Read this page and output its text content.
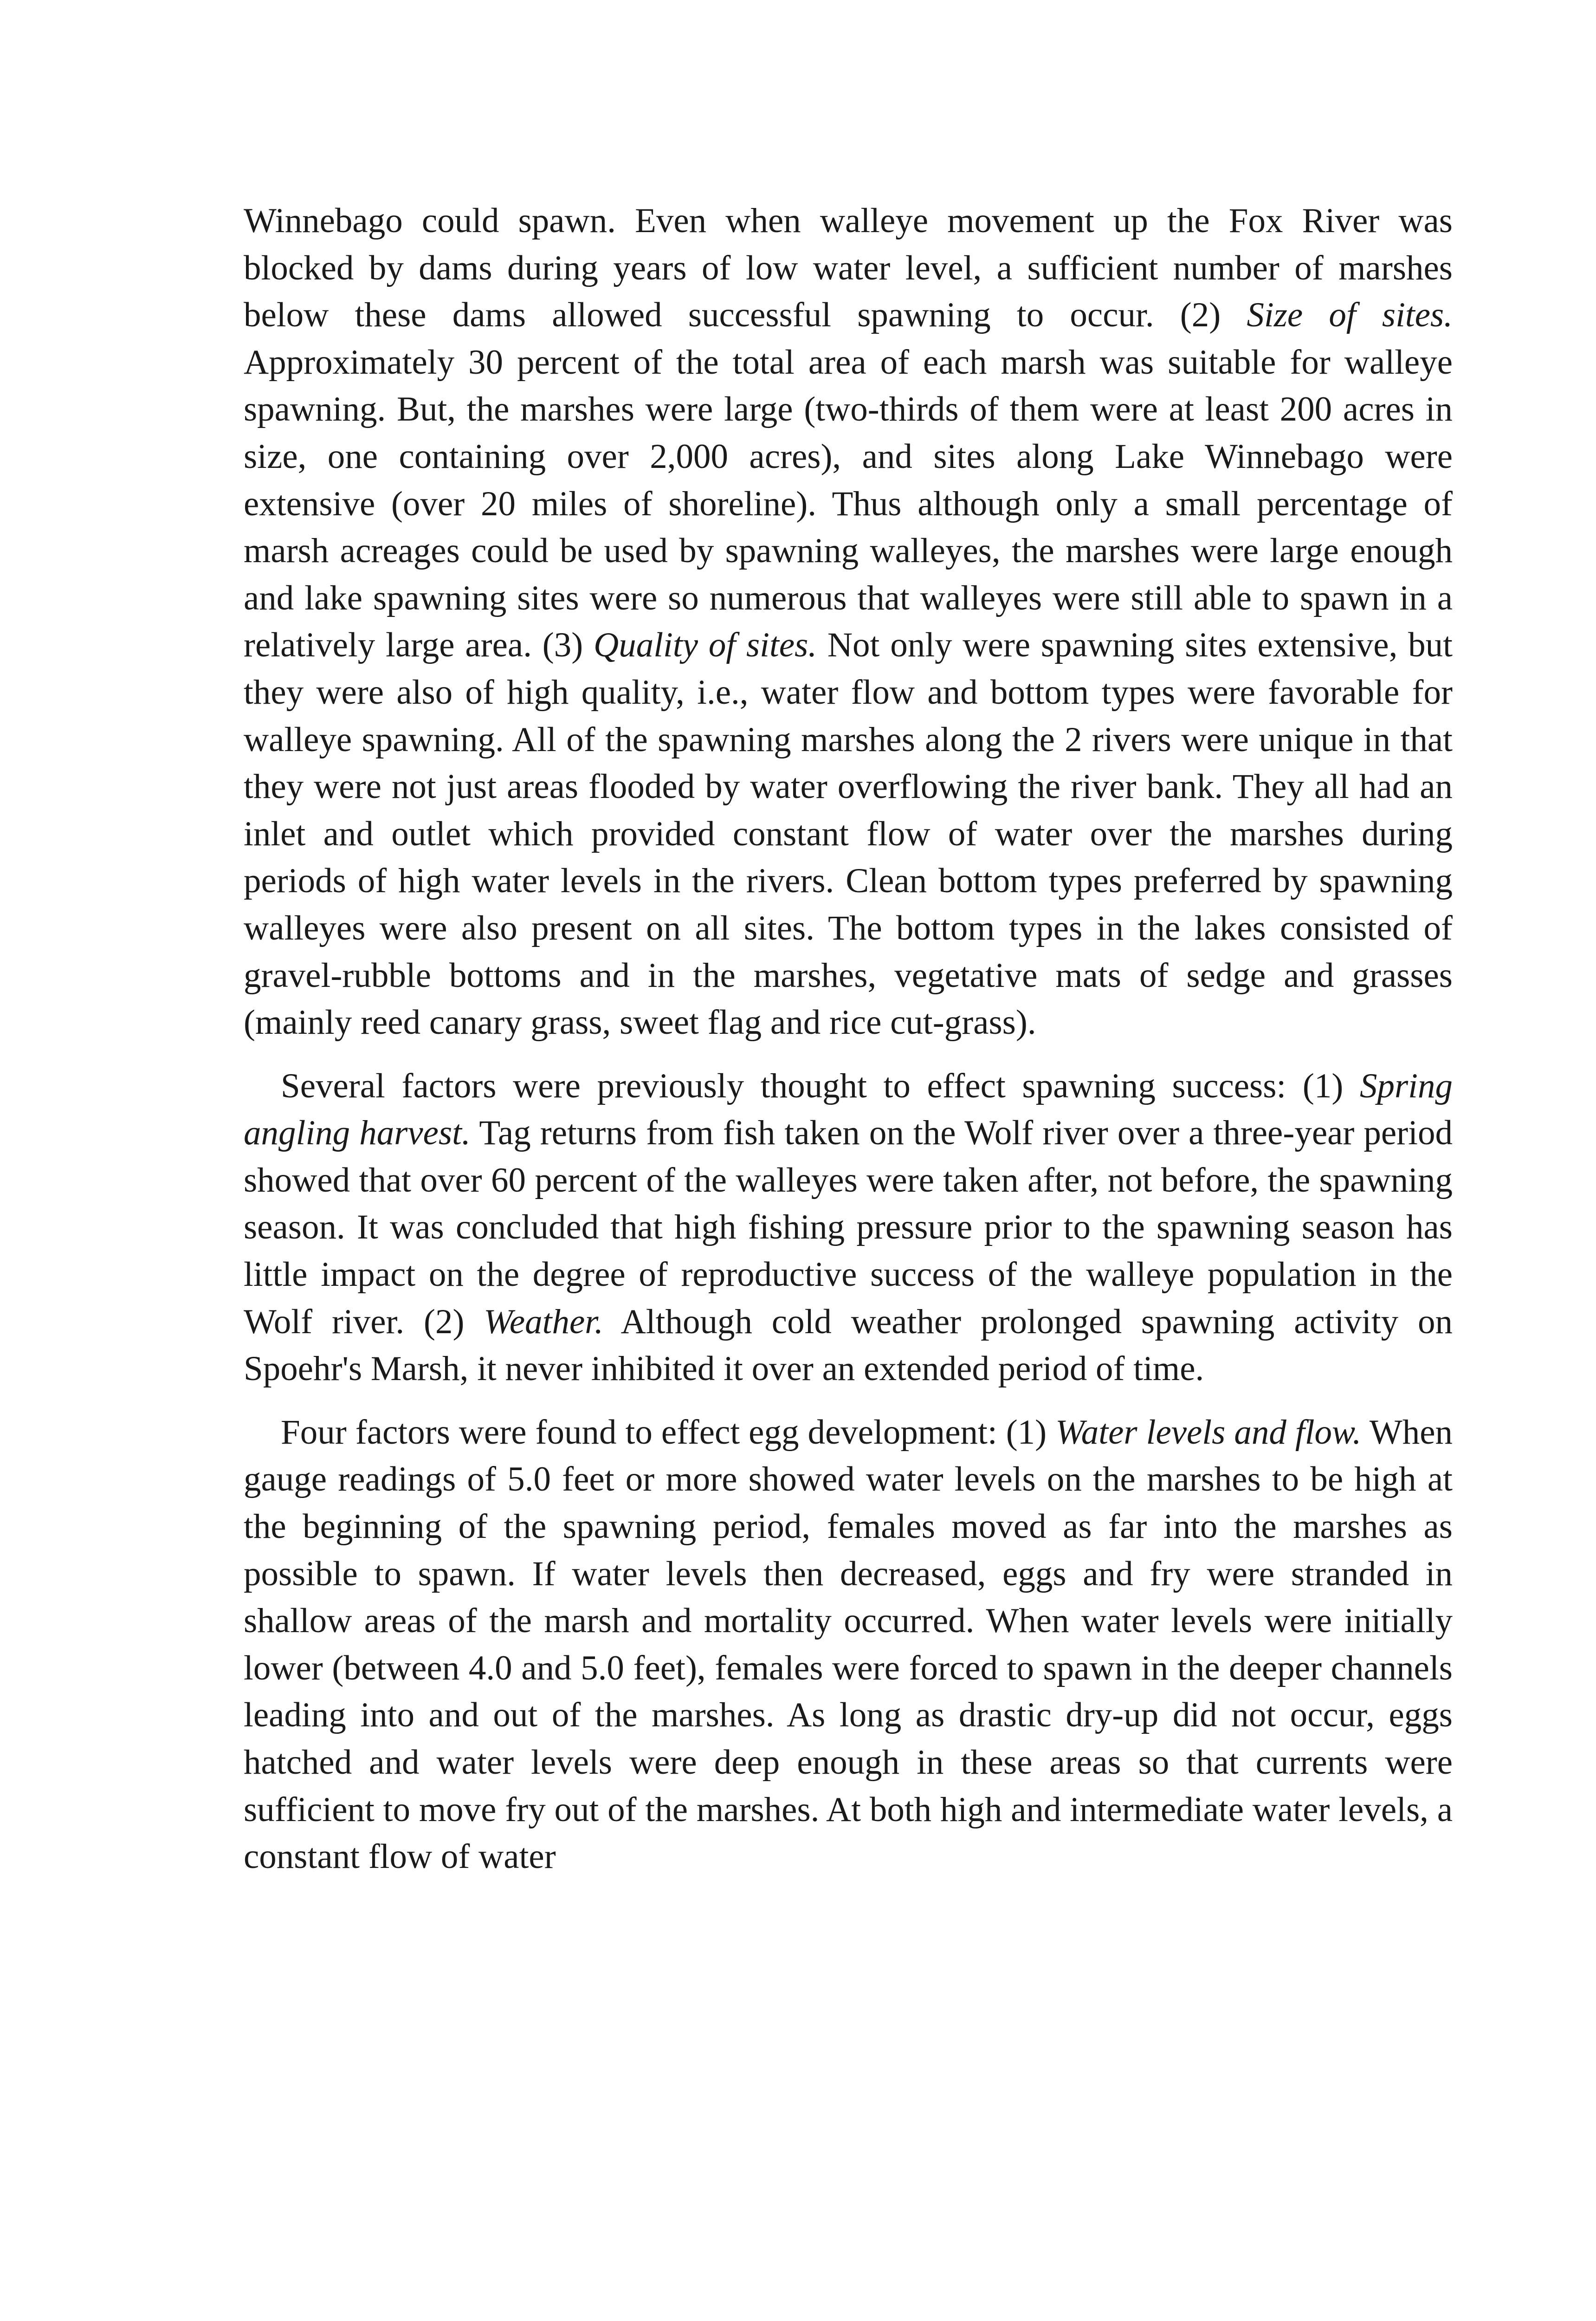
Winnebago could spawn. Even when walleye movement up the Fox River was blocked by dams during years of low water level, a sufficient number of marshes below these dams allowed successful spawning to occur. (2) Size of sites. Approximately 30 percent of the total area of each marsh was suitable for walleye spawning. But, the marshes were large (two-thirds of them were at least 200 acres in size, one containing over 2,000 acres), and sites along Lake Winnebago were extensive (over 20 miles of shoreline). Thus although only a small percentage of marsh acreages could be used by spawning walleyes, the marshes were large enough and lake spawning sites were so numerous that walleyes were still able to spawn in a relatively large area. (3) Quality of sites. Not only were spawning sites extensive, but they were also of high quality, i.e., water flow and bottom types were favorable for walleye spawning. All of the spawning marshes along the 2 rivers were unique in that they were not just areas flooded by water overflowing the river bank. They all had an inlet and outlet which provided constant flow of water over the marshes during periods of high water levels in the rivers. Clean bottom types preferred by spawning walleyes were also present on all sites. The bottom types in the lakes consisted of gravel-rubble bottoms and in the marshes, vegetative mats of sedge and grasses (mainly reed canary grass, sweet flag and rice cut-grass).

Several factors were previously thought to effect spawning success: (1) Spring angling harvest. Tag returns from fish taken on the Wolf river over a three-year period showed that over 60 percent of the walleyes were taken after, not before, the spawning season. It was concluded that high fishing pressure prior to the spawning season has little impact on the degree of reproductive success of the walleye population in the Wolf river. (2) Weather. Although cold weather prolonged spawning activity on Spoehr's Marsh, it never inhibited it over an extended period of time.

Four factors were found to effect egg development: (1) Water levels and flow. When gauge readings of 5.0 feet or more showed water levels on the marshes to be high at the beginning of the spawning period, females moved as far into the marshes as possible to spawn. If water levels then decreased, eggs and fry were stranded in shallow areas of the marsh and mortality occurred. When water levels were initially lower (between 4.0 and 5.0 feet), females were forced to spawn in the deeper channels leading into and out of the marshes. As long as drastic dry-up did not occur, eggs hatched and water levels were deep enough in these areas so that currents were sufficient to move fry out of the marshes. At both high and intermediate water levels, a constant flow of water
